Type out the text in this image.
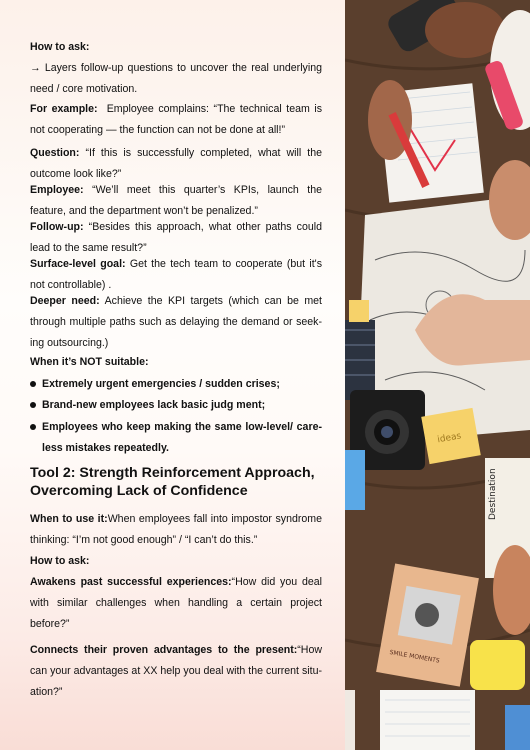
How to ask:
→ Layers follow-up questions to uncover the real underlying need / core motivation.
For example: Employee complains: “The technical team is not cooperating — the function can not be done at all!”
Question: “If this is successfully completed, what will the outcome look like?”
Employee: “We’ll meet this quarter’s KPIs, launch the feature, and the department won’t be penalized.”
Follow-up: “Besides this approach, what other paths could lead to the same result?”
Surface-level goal: Get the tech team to cooperate (but it's not controllable) .
Deeper need: Achieve the KPI targets (which can be met through multiple paths such as delaying the demand or seek-ing outsourcing.)
When it’s NOT suitable:
Extremely urgent emergencies / sudden crises;
Brand-new employees lack basic judg ment;
Employees who keep making the same low-level/ care-less mistakes repeatedly.
Tool 2: Strength Reinforcement Approach, Overcoming Lack of Confidence
When to use it:When employees fall into impostor syndrome thinking: “I’m not good enough” / “I can’t do this.”
How to ask:
Awakens past successful experiences:“How did you deal with similar challenges when handling a certain project before?”
Connects their proven advantages to the present:“How can your advantages at XX help you deal with the current situ-ation?”
ideas
Destination
SMILE MOMENTS
